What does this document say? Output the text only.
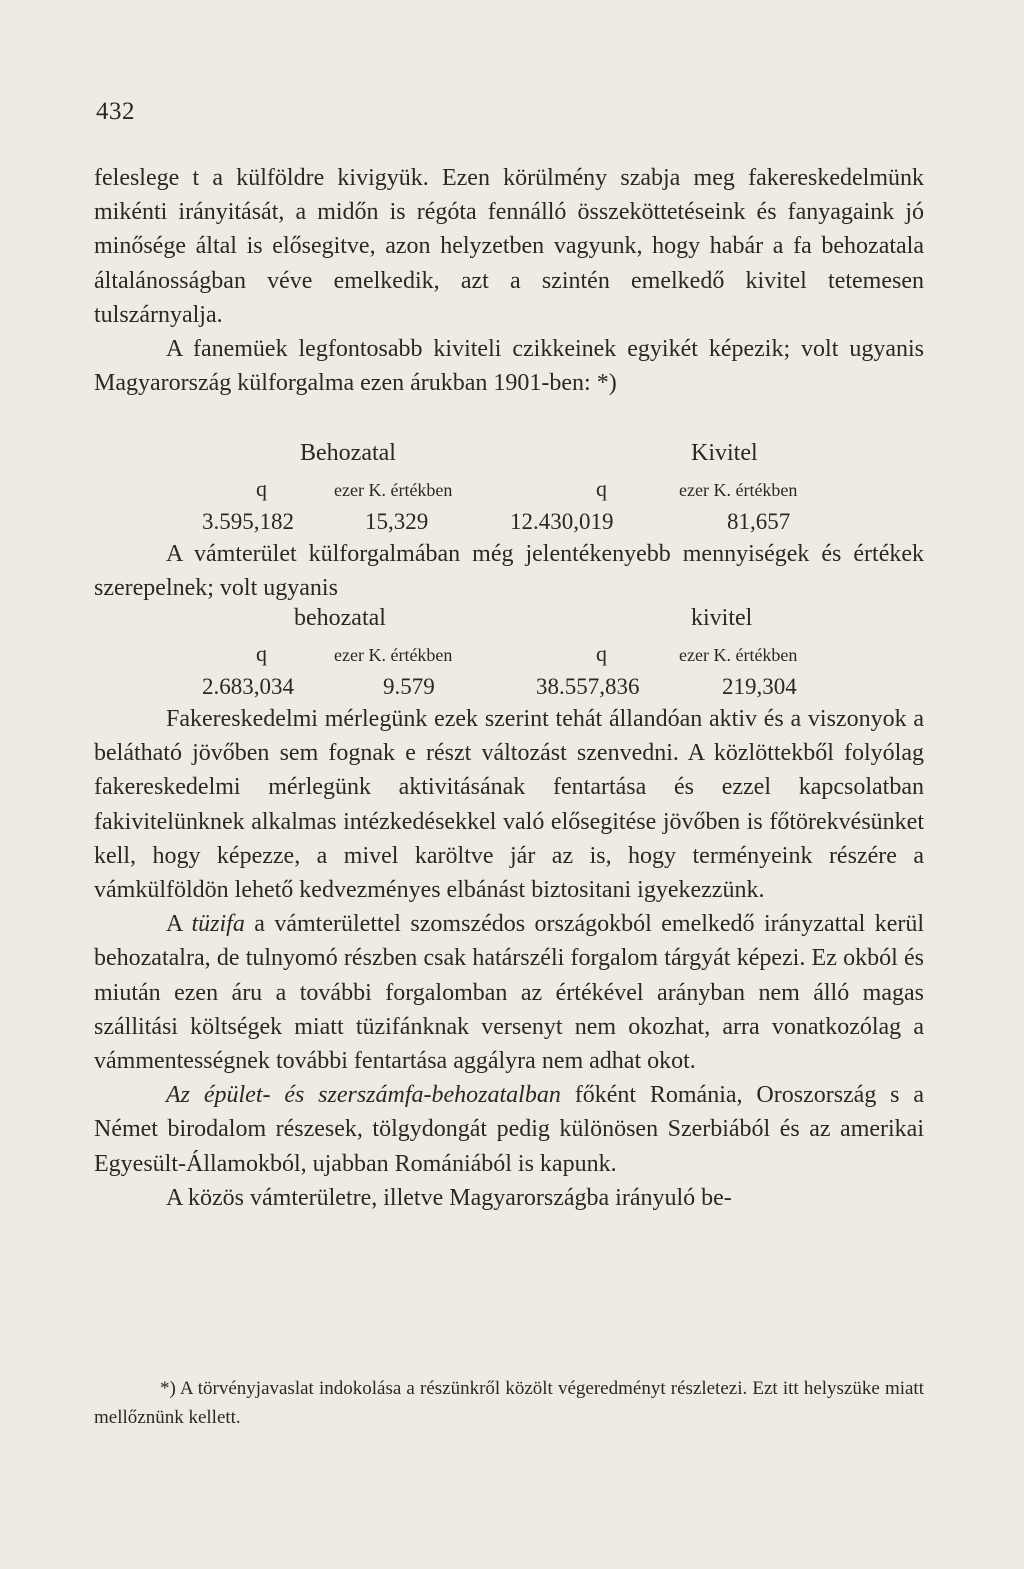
432

feleslege t a külföldre kivigyük. Ezen körülmény szabja meg fakereskedelmünk mikénti irányitását, a midőn is régóta fennálló összeköttetéseink és fanyagaink jó minősége által is elősegitve, azon helyzetben vagyunk, hogy habár a fa behozatala általánosságban véve emelkedik, azt a szintén emelkedő kivitel tetemesen tulszárnyalja.

A fanemüek legfontosabb kiviteli czikkeinek egyikét képezik; volt ugyanis Magyarország külforgalma ezen árukban 1901-ben: *)

Behozatal	Kivitel
q	ezer K. értékben	q	ezer K. értékben
3.595,182	15,329	12.430,019	81,657

A vámterület külforgalmában még jelentékenyebb mennyiségek és értékek szerepelnek; volt ugyanis

behozatal	kivitel
q	ezer K. értékben	q	ezer K. értékben
2.683,034	9.579	38.557,836	219,304

Fakereskedelmi mérlegünk ezek szerint tehát állandóan aktiv és a viszonyok a belátható jövőben sem fognak e részt változást szenvedni. A közlöttekből folyólag fakereskedelmi mérlegünk aktivitásának fentartása és ezzel kapcsolatban fakivitelünknek alkalmas intézkedésekkel való elősegitése jövőben is főtörekvésünket kell, hogy képezze, a mivel karöltve jár az is, hogy terményeink részére a vámkülföldön lehető kedvezményes elbánást biztositani igyekezzünk.

A tüzifa a vámterülettel szomszédos országokból emelkedő irányzattal kerül behozatalra, de tulnyomó részben csak határszéli forgalom tárgyát képezi. Ez okból és miután ezen áru a további forgalomban az értékével arányban nem álló magas szállitási költségek miatt tüzifánknak versenyt nem okozhat, arra vonatkozólag a vámmentességnek további fentartása aggályra nem adhat okot.

Az épület- és szerszámfa-behozatalban főként Románia, Oroszország s a Német birodalom részesek, tölgydongát pedig különösen Szerbiából és az amerikai Egyesült-Államokból, ujabban Romániából is kapunk.

A közös vámterületre, illetve Magyarországba irányuló be-

*) A törvényjavaslat indokolása a részünkről közölt végeredményt részletezi. Ezt itt helyszüke miatt mellőznünk kellett.
